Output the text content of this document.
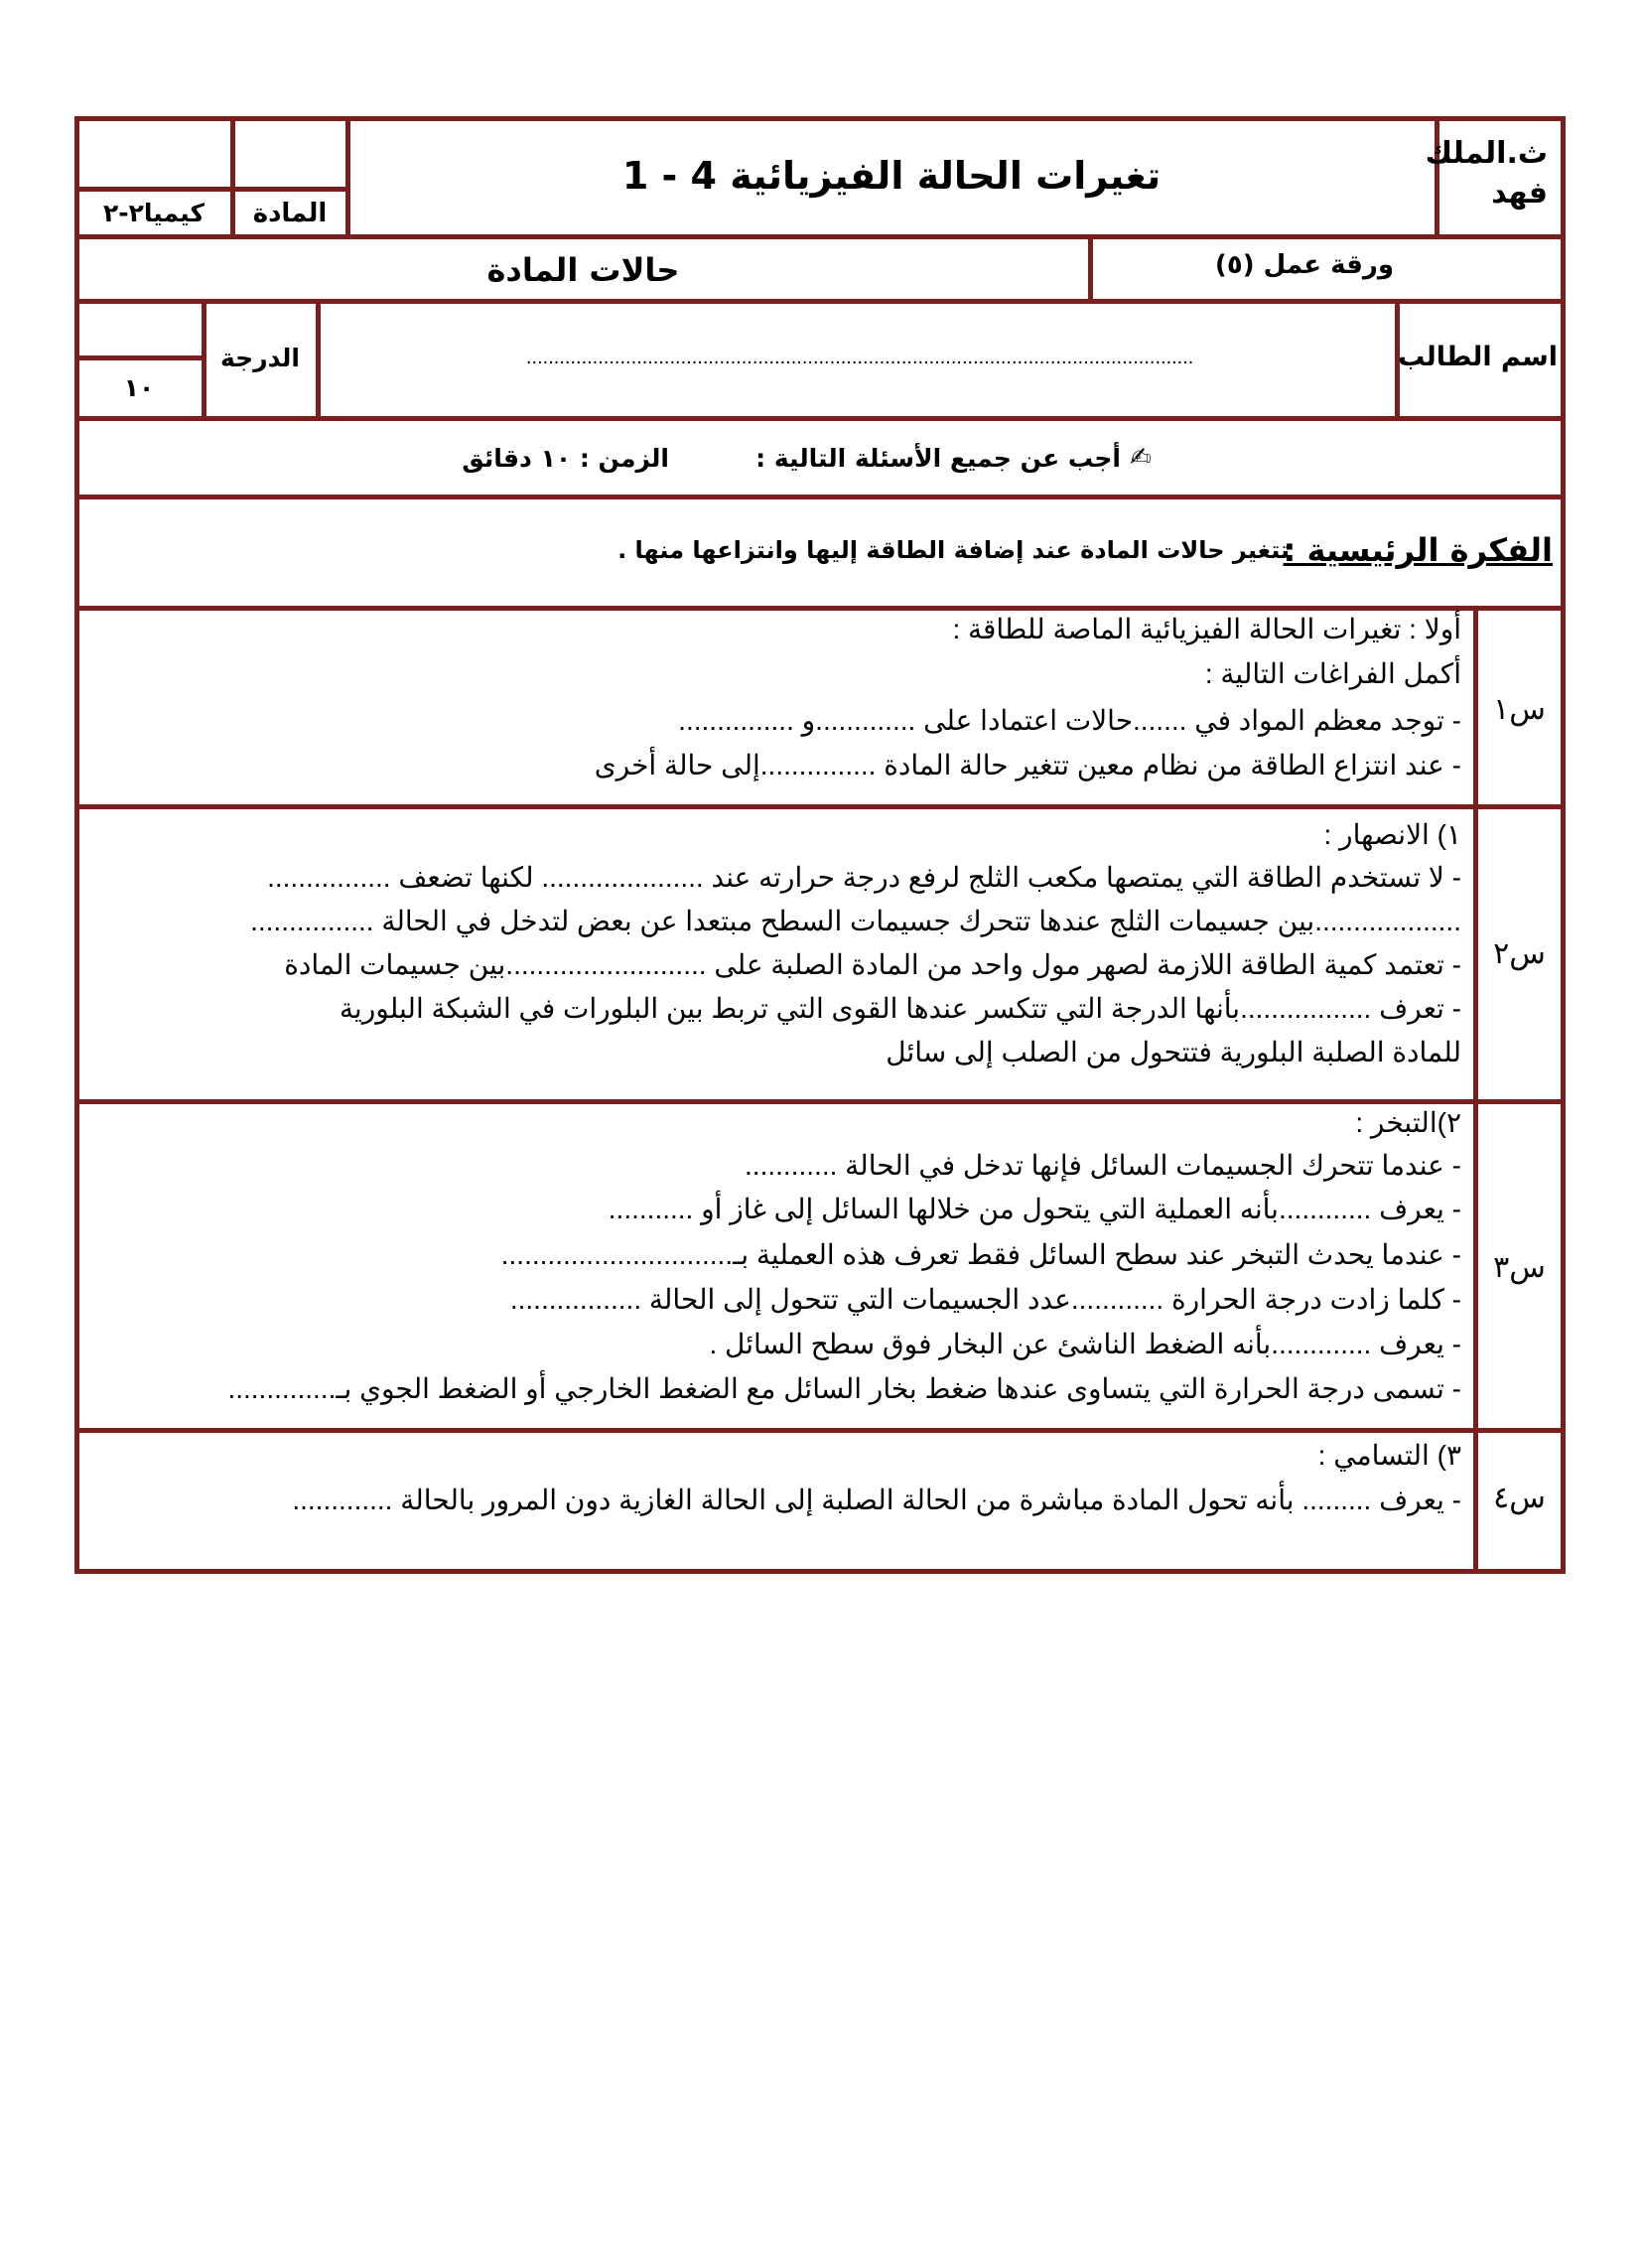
ث.الملك فهد
تغيرات الحالة الفيزيائية 4 - 1
المادة
كيميا٢-٢
حالات المادة	ورقة عمل (٥)
اسم الطالب
.........................................................................................................................
الدرجة
١٠
✍
أجب عن جميع الأسئلة التالية :
الزمن : ١٠ دقائق
الفكرة الرئيسية :
تتغير حالات المادة عند إضافة الطاقة إليها وانتزاعها منها .
س١
أولا : تغيرات الحالة الفيزيائية الماصة للطاقة :
أكمل الفراغات التالية :
- توجد معظم المواد في .......حالات اعتمادا على .............و ...............
- عند انتزاع الطاقة من نظام معين تتغير حالة المادة ...............إلى حالة أخرى
س٢
١) الانصهار :
- لا تستخدم الطاقة التي يمتصها مكعب الثلج لرفع درجة حرارته عند ..................... لكنها تضعف ................
...................بين جسيمات الثلج عندها تتحرك جسيمات السطح مبتعدا عن بعض لتدخل في الحالة ................
- تعتمد كمية الطاقة اللازمة لصهر مول واحد من المادة الصلبة على ..........................بين جسيمات المادة
- تعرف .................بأنها الدرجة التي تتكسر عندها القوى التي تربط بين البلورات في الشبكة البلورية
للمادة الصلبة البلورية فتتحول من الصلب إلى سائل
س٣
٢)التبخر :
- عندما تتحرك الجسيمات السائل فإنها تدخل في الحالة ............
- يعرف ............بأنه العملية التي يتحول من خلالها السائل إلى غاز أو ...........
- عندما يحدث التبخر عند سطح السائل فقط تعرف هذه العملية بـ..............................
- كلما زادت درجة الحرارة ............عدد الجسيمات التي تتحول إلى الحالة .................
- يعرف .............بأنه الضغط الناشئ عن البخار فوق سطح السائل .
- تسمى درجة الحرارة التي يتساوى عندها ضغط بخار السائل مع الضغط الخارجي أو الضغط الجوي بـ..............
س٤
٣) التسامي :
- يعرف ......... بأنه تحول المادة مباشرة من الحالة الصلبة إلى الحالة الغازية دون المرور بالحالة .............
